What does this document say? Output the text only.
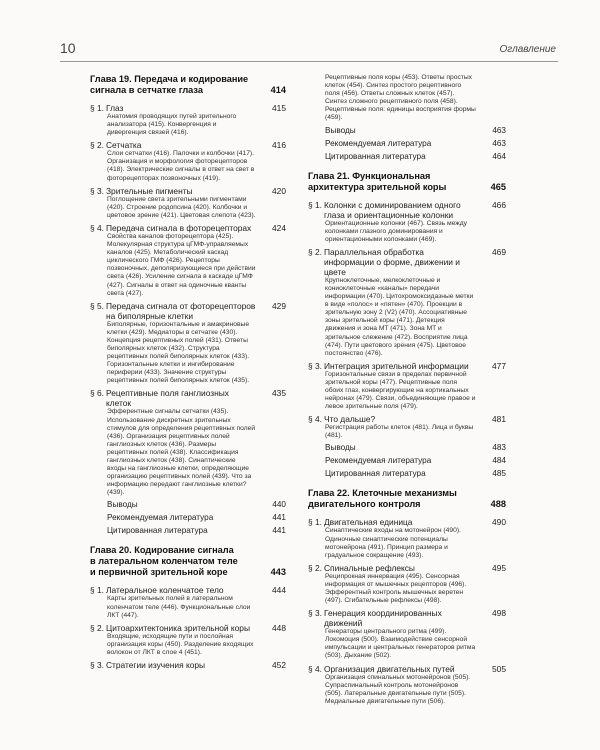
10	Оглавление
Глава 19. Передача и кодирование
сигнала в сетчатке глаза	414
§ 1. Глаз	415
Анатомия проводящих путей зрительного анализатора (415). Конвергенция и дивергенция связей (416).
§ 2. Сетчатка	416
Слои сетчатки (416). Палочки и колбочки (417). Организация и морфология фоторецепторов (418). Электрические сигналы в ответ на свет в фоторецепторах позвоночных (419).
§ 3. Зрительные пигменты	420
Поглощение света зрительными пигментами (420). Строение родопсина (420). Колбочки и цветовое зрение (421). Цветовая слепота (423).
§ 4. Передача сигнала в фоторецепторах 424
Свойства каналов фоторецептора (425). Молекулярная структура цГМФ-управляемых каналов (425). Метаболический каскад циклического ГМФ (426). Рецепторы позвоночных, деполяризующиеся при действии света (426). Усиление сигнала в каскаде цГМФ (427). Сигналы в ответ на одиночные кванты света (427).
§ 5. Передача сигнала от фоторецепторов на биполярные клетки
429
Биполярные, горизонтальные и амакриновые клетки (429). Медиаторы в сетчатке (430). Концепция рецептивных полей (431). Ответы биполярных клеток (432). Структура рецептивных полей биполярных клеток (433). Горизонтальные клетки и ингибирование периферии (433). Значение структуры рецептивных полей биполярных клеток (435).
§ 6. Рецептивные поля ганглиозных клеток
435
Эфферентные сигналы сетчатки (435). Использование дискретных зрительных стимулов для определения рецептивных полей (436). Организация рецептивных полей ганглиозных клеток (436). Размеры рецептивных полей (438). Классификация ганглиозных клеток (438). Синаптические входы на ганглиозные клетки, определяющие организацию рецептивных полей (439). Что за информацию передают ганглиозные клетки? (439).
Выводы	440
Рекомендуемая литература	441
Цитированная литература	441
Глава 20. Кодирование сигнала
в латеральном коленчатом теле
и первичной зрительной коре	443
§ 1. Латеральное коленчатое тело	444
Карты зрительных полей в латеральном коленчатом теле (446). Функциональные слои ЛКТ (447).
§ 2. Цитоархитектоника зрительной коры	448
Входящие, исходящие пути и послойная организация коры (450). Разделение входящих волокон от ЛКТ в слое 4 (451).
§ 3. Стратегии изучения коры	452
Рецептивные поля коры (453). Ответы простых клеток (454). Синтез простого рецептивного поля (456). Ответы сложных клеток (457). Синтез сложного рецептивного поля (458). Рецептивные поля: единицы восприятия формы (459).
Выводы	463
Рекомендуемая литература	463
Цитированная литература	464
Глава 21. Функциональная
архитектура зрительной коры	465
§ 1. Колонки с доминированием одного глаза и ориентационные колонки
466
Ориентационные колонки (467). Связь между колонками глазного доминирования и ориентационными колонками (469).
§ 2. Параллельная обработка информации о форме, движении и цвете
469
Крупноклеточные, мелкоклеточные и кониоклеточные «каналы» передачи информации (470). Цитохромоксидазные метки в виде «полос» и «пятен» (470). Проекции в зрительную зону 2 (V2) (470). Ассоциативные зоны зрительной коры (471). Детекция движения и зона MT (471). Зона MT и зрительное слежение (472). Восприятие лица (474). Пути цветового зрения (475). Цветовое постоянство (476).
§ 3. Интеграция зрительной информации	477
Горизонтальные связи в пределах первичной зрительной коры (477). Рецептивные поля обоих глаз, конвергирующие на кортикальных нейронах (479). Связи, объединяющие правое и левое зрительные поля (479).
§ 4. Что дальше?	481
Регистрация работы клеток (481). Лица и буквы (481).
Выводы	483
Рекомендуемая литература	484
Цитированная литература	485
Глава 22. Клеточные механизмы
двигательного контроля	488
§ 1. Двигательная единица	490
Синаптические входы на мотонейрон (490). Одиночные синаптические потенциалы мотонейрона (491). Принцип размера и градуальное сокращение (493).
§ 2. Спинальные рефлексы	495
Реципрокная иннервация (495). Сенсорная информация от мышечных рецепторов (496). Эфферентный контроль мышечных веретен (497). Сгибательные рефлексы (498).
§ 3. Генерация координированных движений
498
Генераторы центрального ритма (499). Локомоция (500). Взаимодействие сенсорной импульсации и центральных генераторов ритма (503). Дыхание (502).
§ 4. Организация двигательных путей	505
Организация спинальных мотонейронов (505). Супраспинальный контроль мотонейронов (505). Латеральные двигательные пути (505). Медиальные двигательные пути (506).
